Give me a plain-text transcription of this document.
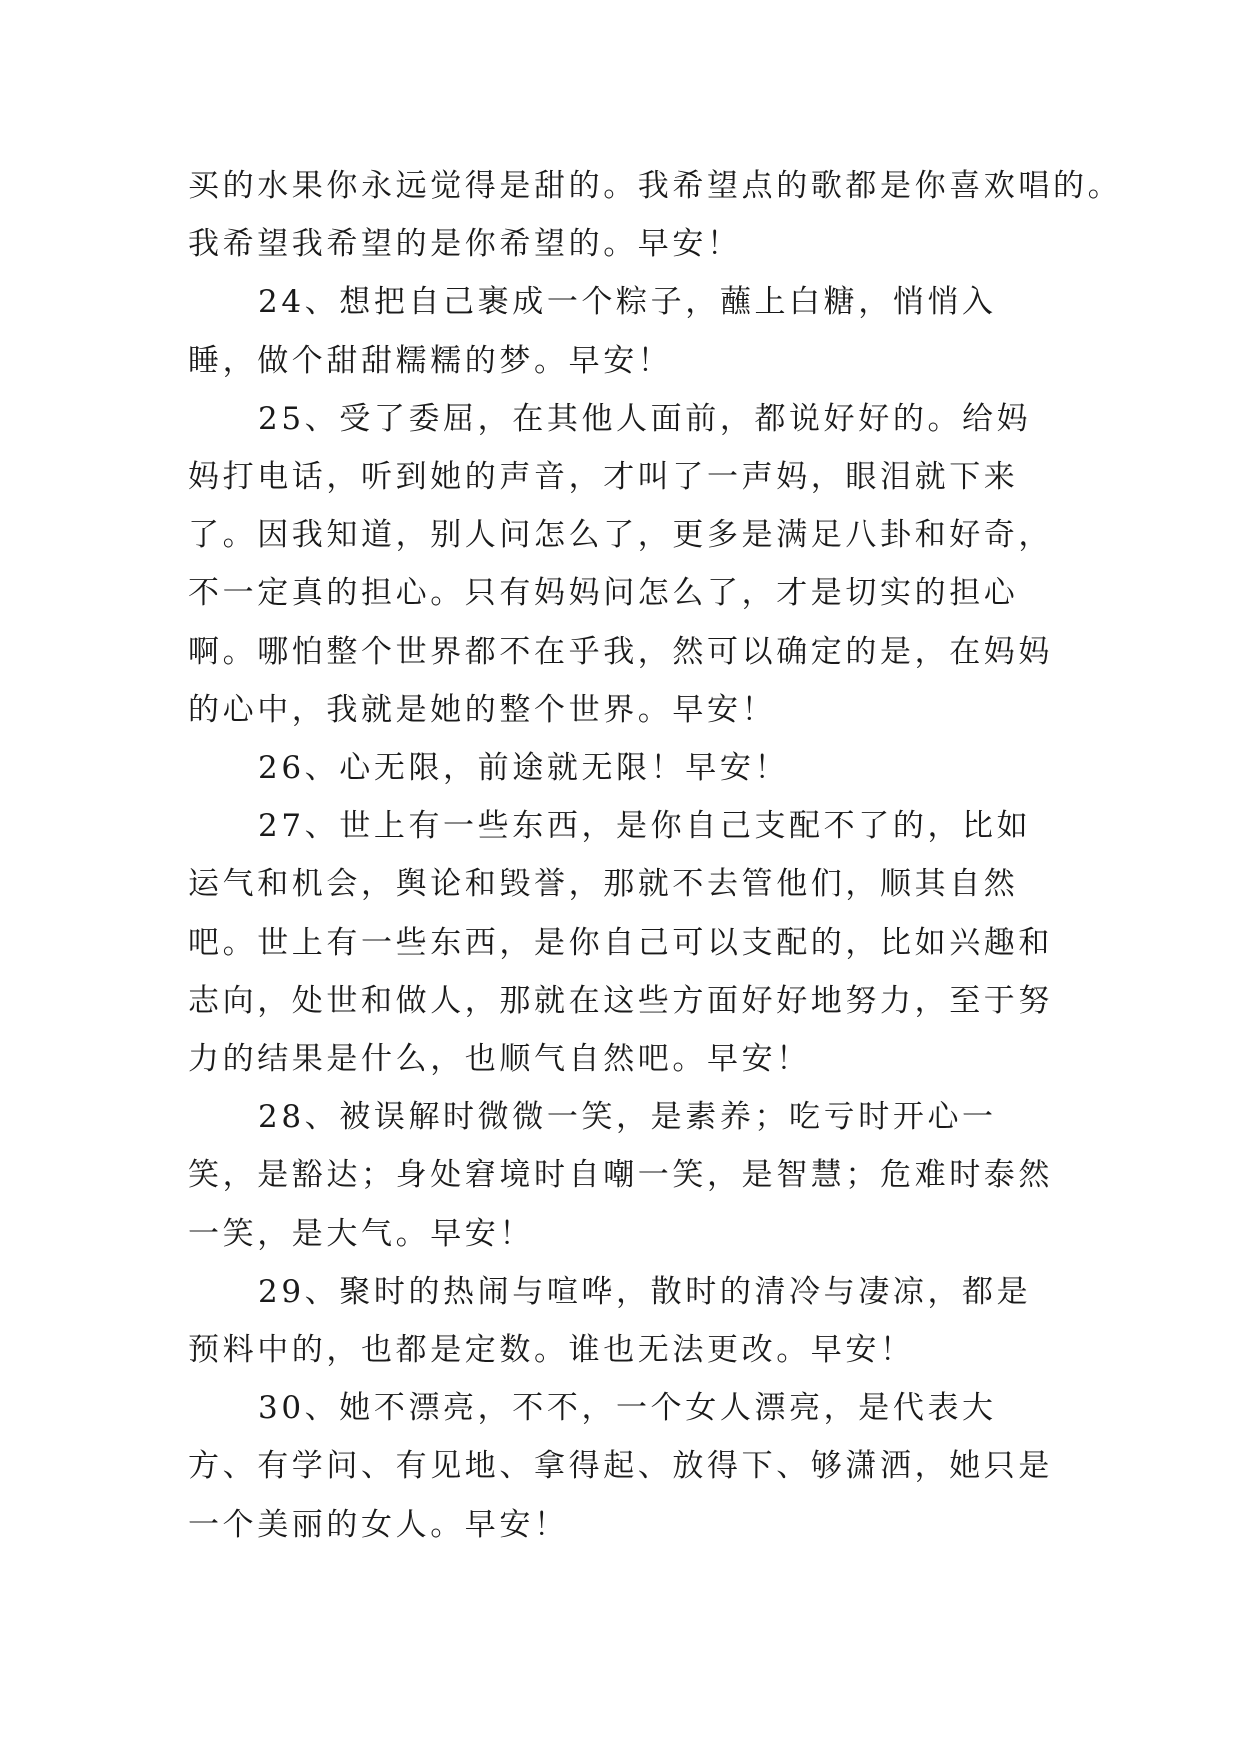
买的水果你永远觉得是甜的。我希望点的歌都是你喜欢唱的。
我希望我希望的是你希望的。早安！

24、想把自己裹成一个粽子，蘸上白糖，悄悄入睡，做个甜甜糯糯的梦。早安！

25、受了委屈，在其他人面前，都说好好的。给妈妈打电话，听到她的声音，才叫了一声妈，眼泪就下来了。因我知道，别人问怎么了，更多是满足八卦和好奇，不一定真的担心。只有妈妈问怎么了，才是切实的担心啊。哪怕整个世界都不在乎我，然可以确定的是，在妈妈的心中，我就是她的整个世界。早安！

26、心无限，前途就无限！早安！

27、世上有一些东西，是你自己支配不了的，比如运气和机会，舆论和毁誉，那就不去管他们，顺其自然吧。世上有一些东西，是你自己可以支配的，比如兴趣和志向，处世和做人，那就在这些方面好好地努力，至于努力的结果是什么，也顺气自然吧。早安！

28、被误解时微微一笑，是素养；吃亏时开心一笑，是豁达；身处窘境时自嘲一笑，是智慧；危难时泰然一笑，是大气。早安！

29、聚时的热闹与喧哗，散时的清冷与凄凉，都是预料中的，也都是定数。谁也无法更改。早安！

30、她不漂亮，不不，一个女人漂亮，是代表大方、有学问、有见地、拿得起、放得下、够潇洒，她只是一个美丽的女人。早安！
